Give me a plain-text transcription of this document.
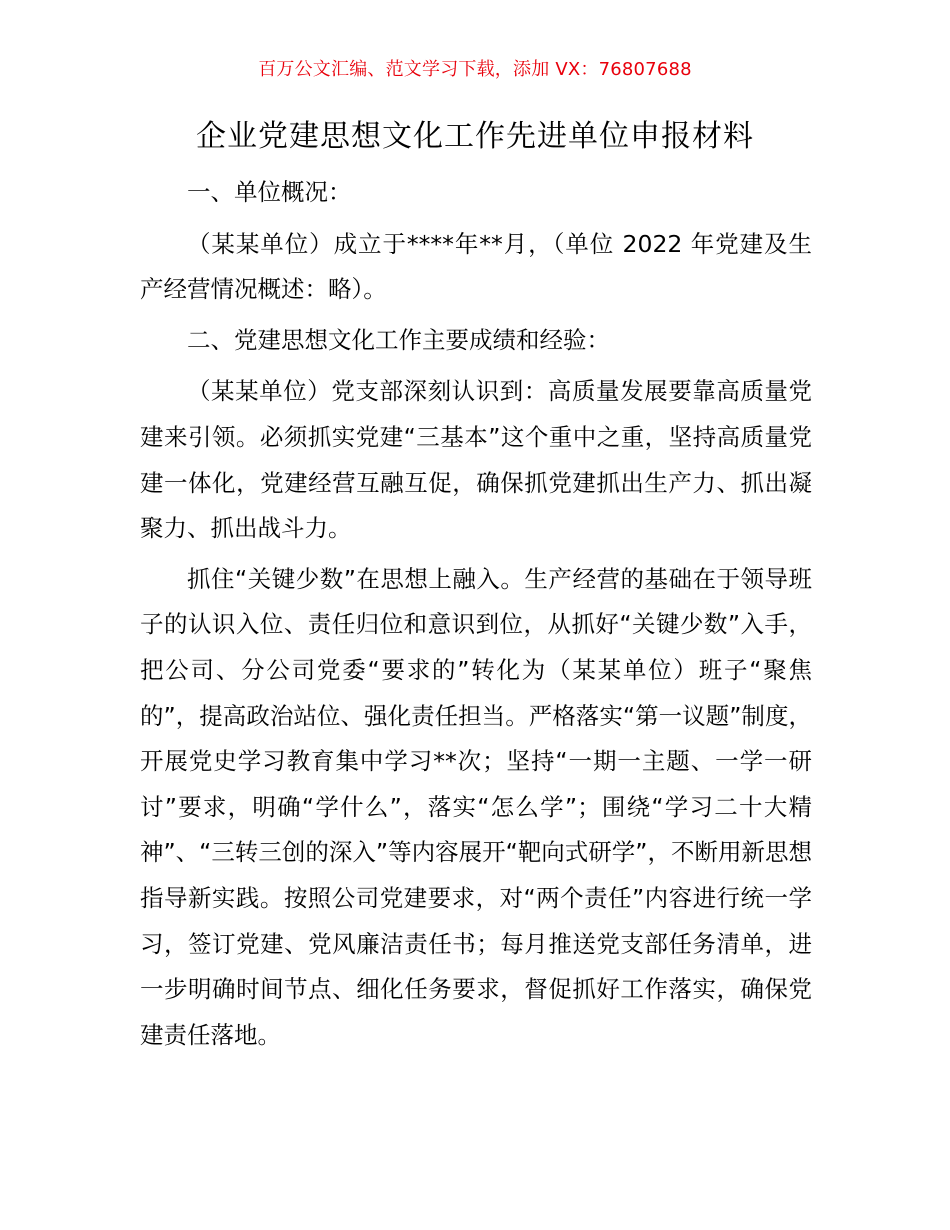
百万公文汇编、范文学习下载，添加 VX：76807688
企业党建思想文化工作先进单位申报材料

一、单位概况：

（某某单位）成立于****年**月，（单位 2022 年党建及生产经营情况概述：略）。

二、党建思想文化工作主要成绩和经验：

（某某单位）党支部深刻认识到：高质量发展要靠高质量党建来引领。必须抓实党建“三基本”这个重中之重，坚持高质量党建一体化，党建经营互融互促，确保抓党建抓出生产力、抓出凝聚力、抓出战斗力。

抓住“关键少数”在思想上融入。生产经营的基础在于领导班子的认识入位、责任归位和意识到位，从抓好“关键少数”入手，把公司、分公司党委“要求的”转化为（某某单位）班子“聚焦的”，提高政治站位、强化责任担当。严格落实“第一议题”制度，开展党史学习教育集中学习**次；坚持“一期一主题、一学一研讨”要求，明确“学什么”，落实“怎么学”；围绕“学习二十大精神”、“三转三创的深入”等内容展开“靶向式研学”，不断用新思想指导新实践。按照公司党建要求，对“两个责任”内容进行统一学习，签订党建、党风廉洁责任书；每月推送党支部任务清单，进一步明确时间节点、细化任务要求，督促抓好工作落实，确保党建责任落地。
